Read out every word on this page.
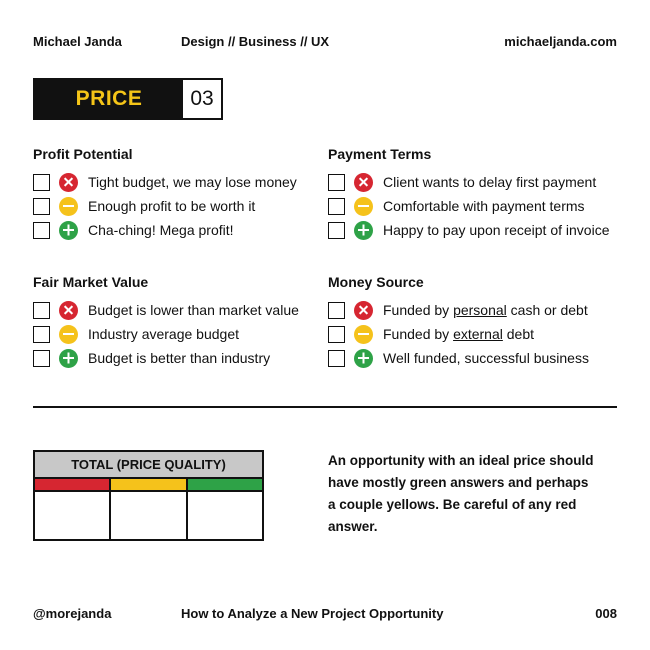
Michael Janda	Design // Business // UX	michaeljanda.com
PRICE	03
Profit Potential
Tight budget, we may lose money
Enough profit to be worth it
Cha-ching! Mega profit!
Payment Terms
Client wants to delay first payment
Comfortable with payment terms
Happy to pay upon receipt of invoice
Fair Market Value
Budget is lower than market value
Industry average budget
Budget is better than industry
Money Source
Funded by personal cash or debt
Funded by external debt
Well funded, successful business
TOTAL (PRICE QUALITY)	An opportunity with an ideal price should have mostly green answers and perhaps a couple yellows. Be careful of any red answer.
@morejanda	How to Analyze a New Project Opportunity	008
